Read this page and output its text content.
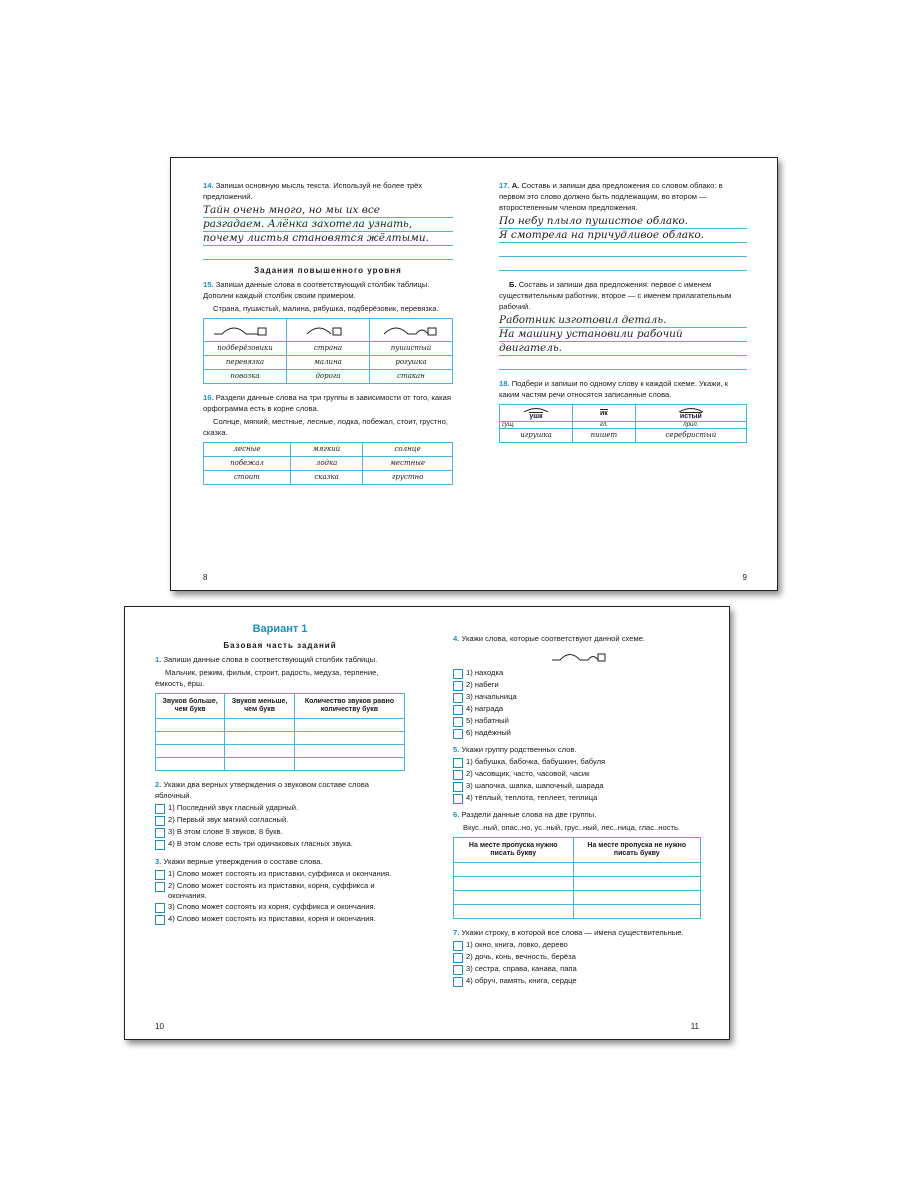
14. Запиши основную мысль текста. Используй не более трёх предложений.
Тайн очень много, но мы их все
разгадаем. Алёнка захотела узнать,
почему листья становятся жёлтыми.
Задания повышенного уровня
15. Запиши данные слова в соответствующий столбик таблицы. Дополни каждый столбик своим примером.
Страна, пушистый, малина, рябушка, подберёзовик, перевязка.

подберёзовики	страна	пушистый
перевязка	малина	рогушка
повозка	дорога	стакан
16. Раздели данные слова на три группы в зависимости от того, какая орфограмма есть в корне слова.
Солнце, мягкий, местные, лесные, лодка, побежал, стоит, грустно, сказка.
лесные	мягкий	солнце
побежал	лодка	местные
стоит	сказка	грустно
8
17. А. Составь и запиши два предложения со словом облако: в первом это слово должно быть подлежащим, во втором — второстепенным членом предложения.
По небу плыло пушистое облако.
Я смотрела на причудливое облако.
Б. Составь и запиши два предложения: первое с именем существительным работник, второе — с именем прилагательным рабочий.
Работник изготовил деталь.
На машину установили рабочий
двигатель.
18. Подбери и запиши по одному слову к каждой схеме. Укажи, к каким частям речи относятся записанные слова.
ушк	ик	истый
сущ.	гл.	прил.
игрушка	пишет	серебристый
9
Вариант 1
Базовая часть заданий
1. Запиши данные слова в соответствующий столбик таблицы.
Мальчик, режим, фильм, строит, радость, медуза, терпение, ёмкость, ёрш.
Звуков больше, чем букв	Звуков меньше, чем букв	Количество звуков равно количеству букв

2. Укажи два верных утверждения о звуковом составе слова яблочный.
1) Последний звук гласный ударный.
2) Первый звук мягкий согласный.
3) В этом слове 9 звуков, 8 букв.
4) В этом слове есть три одинаковых гласных звука.
3. Укажи верные утверждения о составе слова.
1) Слово может состоять из приставки, суффикса и окончания.
2) Слово может состоять из приставки, корня, суффикса и окончания.
3) Слово может состоять из корня, суффикса и окончания.
4) Слово может состоять из приставки, корня и окончания.
10
4. Укажи слова, которые соответствуют данной схеме.
1) находка
2) набеги
3) начальница
4) награда
5) набатный
6) надёжный
5. Укажи группу родственных слов.
1) бабушка, бабочка, бабушкин, бабуля
2) часовщик, часто, часовой, часик
3) шапочка, шапка, шапочный, шарада
4) тёплый, теплота, теплеет, теплица
6. Раздели данные слова на две группы.
Вкус..ный, опас..но, ус..ный, грус..ный, лес..ница, глас..ность.
На месте пропуска нужно писать букву	На месте пропуска не нужно писать букву

7. Укажи строку, в которой все слова — имена существительные.
1) окно, книга, ловко, дерево
2) дочь, конь, вечность, берёза
3) сестра, справа, канава, папа
4) обруч, память, книга, сердце
11
